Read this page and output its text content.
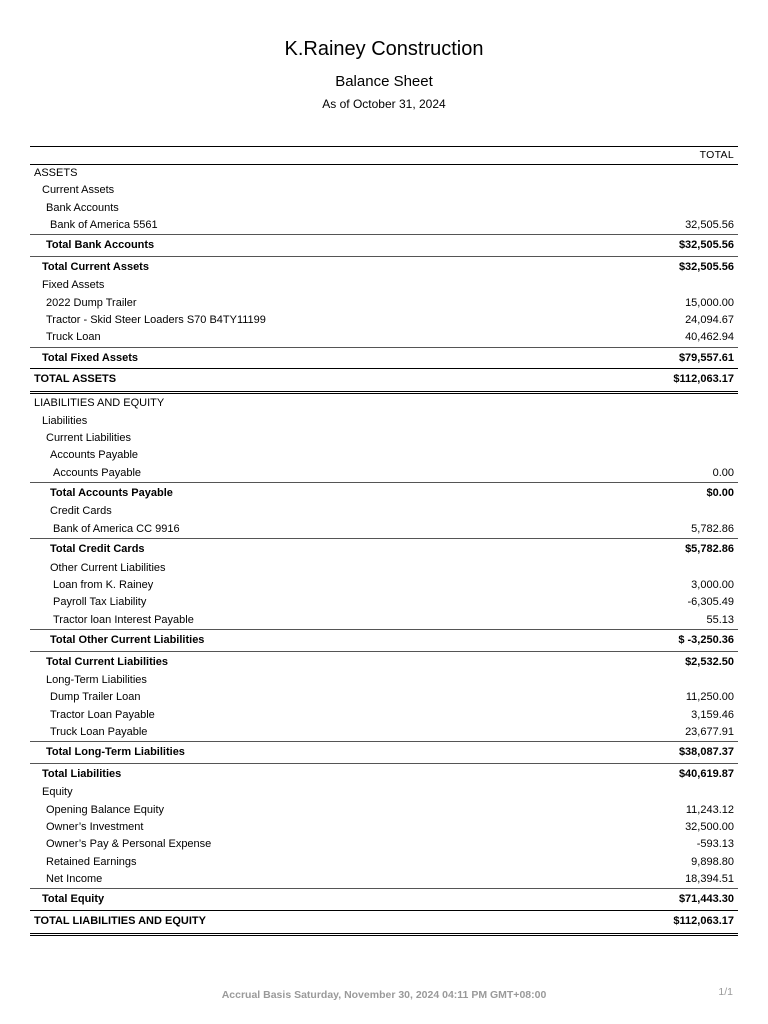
K.Rainey Construction
Balance Sheet
As of October 31, 2024
TOTAL
ASSETS
Current Assets
Bank Accounts
Bank of America 5561	32,505.56
Total Bank Accounts	$32,505.56
Total Current Assets	$32,505.56
Fixed Assets
2022 Dump Trailer	15,000.00
Tractor - Skid Steer Loaders S70 B4TY11199	24,094.67
Truck Loan	40,462.94
Total Fixed Assets	$79,557.61
TOTAL ASSETS	$112,063.17
LIABILITIES AND EQUITY
Liabilities
Current Liabilities
Accounts Payable
Accounts Payable	0.00
Total Accounts Payable	$0.00
Credit Cards
Bank of America CC 9916	5,782.86
Total Credit Cards	$5,782.86
Other Current Liabilities
Loan from K. Rainey	3,000.00
Payroll Tax Liability	-6,305.49
Tractor loan Interest Payable	55.13
Total Other Current Liabilities	$ -3,250.36
Total Current Liabilities	$2,532.50
Long-Term Liabilities
Dump Trailer Loan	11,250.00
Tractor Loan Payable	3,159.46
Truck Loan Payable	23,677.91
Total Long-Term Liabilities	$38,087.37
Total Liabilities	$40,619.87
Equity
Opening Balance Equity	11,243.12
Owner’s Investment	32,500.00
Owner’s Pay & Personal Expense	-593.13
Retained Earnings	9,898.80
Net Income	18,394.51
Total Equity	$71,443.30
TOTAL LIABILITIES AND EQUITY	$112,063.17
Accrual Basis Saturday, November 30, 2024 04:11 PM GMT+08:00	1/1
